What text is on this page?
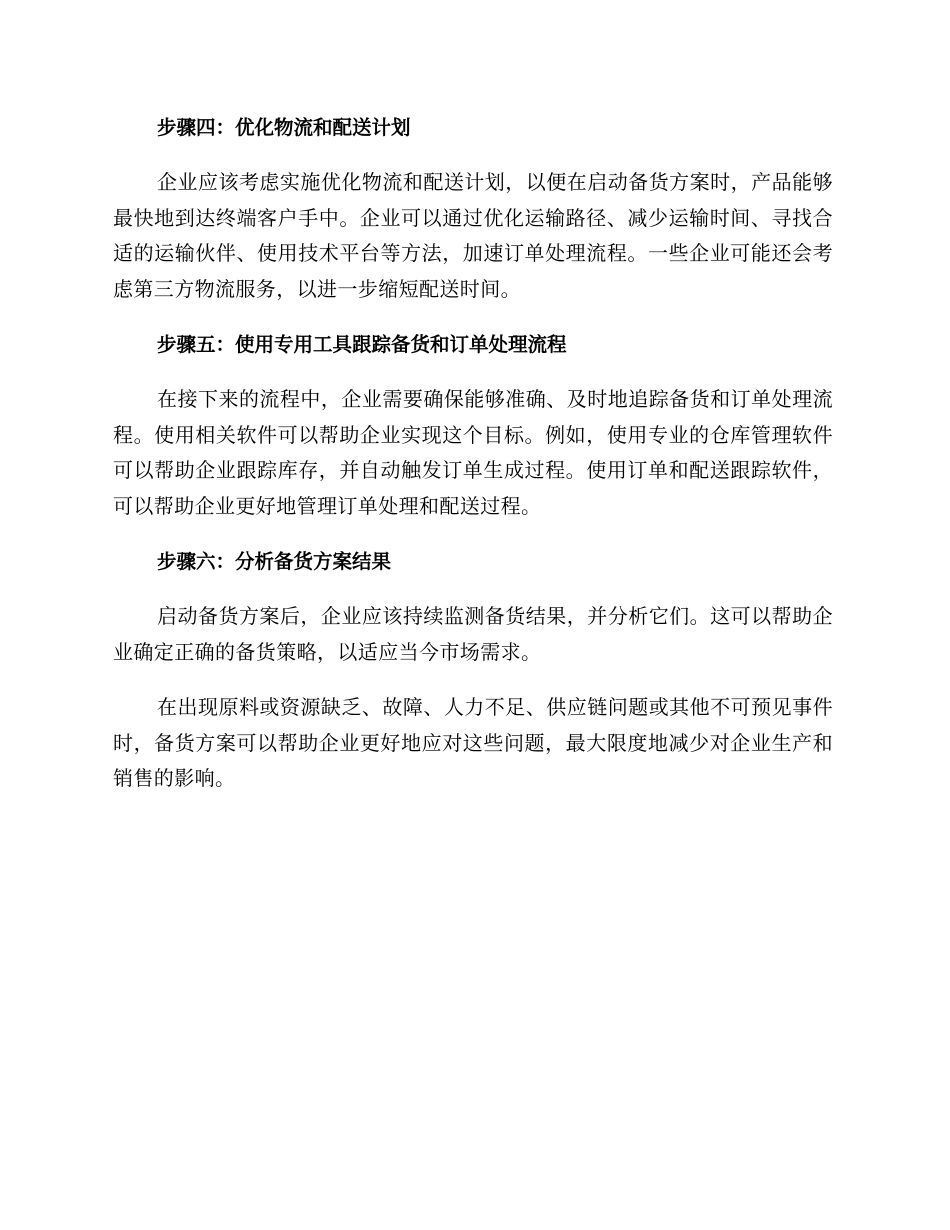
步骤四：优化物流和配送计划

企业应该考虑实施优化物流和配送计划，以便在启动备货方案时，产品能够最快地到达终端客户手中。企业可以通过优化运输路径、减少运输时间、寻找合适的运输伙伴、使用技术平台等方法，加速订单处理流程。一些企业可能还会考虑第三方物流服务，以进一步缩短配送时间。

步骤五：使用专用工具跟踪备货和订单处理流程

在接下来的流程中，企业需要确保能够准确、及时地追踪备货和订单处理流程。使用相关软件可以帮助企业实现这个目标。例如，使用专业的仓库管理软件可以帮助企业跟踪库存，并自动触发订单生成过程。使用订单和配送跟踪软件，可以帮助企业更好地管理订单处理和配送过程。

步骤六：分析备货方案结果

启动备货方案后，企业应该持续监测备货结果，并分析它们。这可以帮助企业确定正确的备货策略，以适应当今市场需求。

在出现原料或资源缺乏、故障、人力不足、供应链问题或其他不可预见事件时，备货方案可以帮助企业更好地应对这些问题，最大限度地减少对企业生产和销售的影响。
